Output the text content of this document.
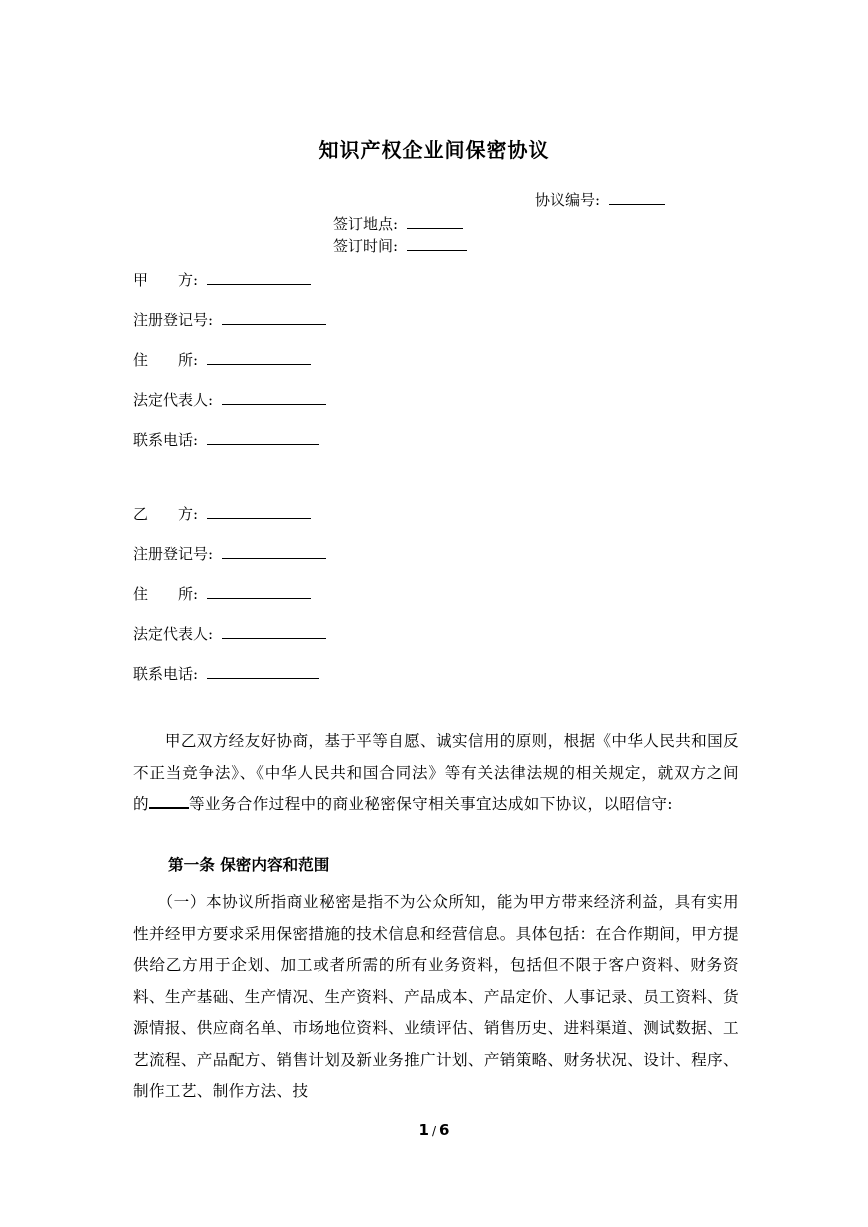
知识产权企业间保密协议
协议编号:
签订地点:
签订时间:
甲　　方:
注册登记号:
住　　所:
法定代表人:
联系电话:
乙　　方:
注册登记号:
住　　所:
法定代表人:
联系电话:
　　甲乙双方经友好协商，基于平等自愿、诚实信用的原则，根据《中华人民共和国反不正当竞争法》、《中华人民共和国合同法》等有关法律法规的相关规定，就双方之间的	等业务合作过程中的商业秘密保守相关事宜达成如下协议，以昭信守:
第一条 保密内容和范围
　　（一）本协议所指商业秘密是指不为公众所知，能为甲方带来经济利益，具有实用性并经甲方要求采用保密措施的技术信息和经营信息。具体包括：在合作期间，甲方提供给乙方用于企划、加工或者所需的所有业务资料，包括但不限于客户资料、财务资料、生产基础、生产情况、生产资料、产品成本、产品定价、人事记录、员工资料、货源情报、供应商名单、市场地位资料、业绩评估、销售历史、进料渠道、测试数据、工艺流程、产品配方、销售计划及新业务推广计划、产销策略、财务状况、设计、程序、制作工艺、制作方法、技
1 / 6
